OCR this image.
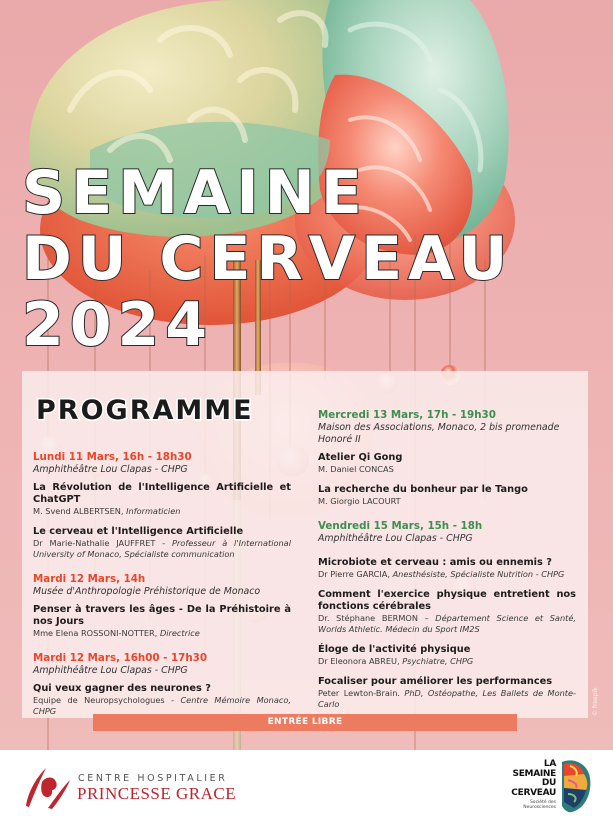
SEMAINE
DU CERVEAU
2024
PROGRAMME
Lundi 11 Mars, 16h - 18h30
Amphithéâtre Lou Clapas - CHPG
La Révolution de l'Intelligence Artificielle et ChatGPT
M. Svend ALBERTSEN, Informaticien
Le cerveau et l'Intelligence Artificielle
Dr Marie-Nathalie JAUFFRET - Professeur à l'International University of Monaco, Spécialiste communication
Mardi 12 Mars, 14h
Musée d'Anthropologie Préhistorique de Monaco
Penser à travers les âges - De la Préhistoire à nos Jours
Mme Elena ROSSONI-NOTTER, Directrice
Mardi 12 Mars, 16h00 - 17h30
Amphithéâtre Lou Clapas - CHPG
Qui veux gagner des neurones ?
Equipe de Neuropsychologues - Centre Mémoire Monaco, CHPG
Mercredi 13 Mars, 17h - 19h30
Maison des Associations, Monaco, 2 bis promenade Honoré II
Atelier Qi Gong
M. Daniel CONCAS
La recherche du bonheur par le Tango
M. Giorgio LACOURT
Vendredi 15 Mars, 15h - 18h
Amphithéâtre Lou Clapas - CHPG
Microbiote et cerveau : amis ou ennemis ?
Dr Pierre GARCIA, Anesthésiste, Spécialiste Nutrition - CHPG
Comment l'exercice physique entretient nos fonctions cérébrales
Dr. Stéphane BERMON – Département Science et Santé, Worlds Athletic. Médecin du Sport IM2S
Éloge de l'activité physique
Dr Eleonora ABREU, Psychiatre, CHPG
Focaliser pour améliorer les performances
Peter Lewton-Brain. PhD, Ostéopathe, Les Ballets de Monte-Carlo
ENTRÉE LIBRE
© freepik
CENTRE HOSPITALIER
PRINCESSE GRACE
LA
SEMAINE
DU
CERVEAU
Société des Neurosciences
